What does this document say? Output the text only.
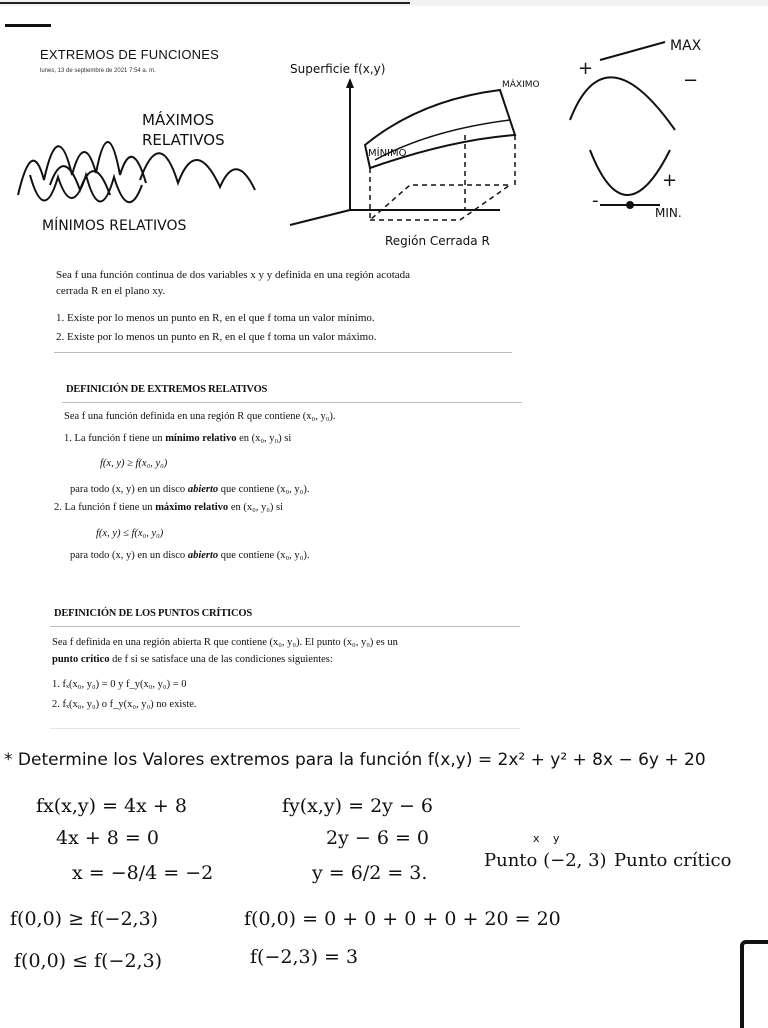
EXTREMOS DE FUNCIONES
lunes, 13 de septiembre de 2021 7:54 a. m.
MÁXIMOS RELATIVOS
MÍNIMOS RELATIVOS
Superficie f(x,y)
MÁXIMO
MÍNIMO
Región Cerrada R
MAX
+
−
+
-
MIN.
Sea f una función continua de dos variables x y y definida en una región acotada
cerrada R en el plano xy.
1. Existe por lo menos un punto en R, en el que f toma un valor mínimo.
2. Existe por lo menos un punto en R, en el que f toma un valor máximo.
DEFINICIÓN DE EXTREMOS RELATIVOS
Sea f una función definida en una región R que contiene (x₀, y₀).
1. La función f tiene un mínimo relativo en (x₀, y₀) si
f(x, y) ≥ f(x₀, y₀)
para todo (x, y) en un disco abierto que contiene (x₀, y₀).
2. La función f tiene un máximo relativo en (x₀, y₀) si
f(x, y) ≤ f(x₀, y₀)
para todo (x, y) en un disco abierto que contiene (x₀, y₀).
DEFINICIÓN DE LOS PUNTOS CRÍTICOS
Sea f definida en una región abierta R que contiene (x₀, y₀). El punto (x₀, y₀) es un
punto crítico de f si se satisface una de las condiciones siguientes:
1. fₓ(x₀, y₀) = 0 y f_y(x₀, y₀) = 0
2. fₓ(x₀, y₀) o f_y(x₀, y₀) no existe.
* Determine los Valores extremos para la función f(x,y) = 2x² + y² + 8x − 6y + 20
fx(x,y) = 4x + 8
4x + 8 = 0
x = −8/4 = −2
fy(x,y) = 2y − 6
2y − 6 = 0
y = 6/2 = 3.
x y
Punto (−2, 3) Punto crítico
f(0,0) ≥ f(−2,3)
f(0,0) ≤ f(−2,3)
f(0,0) = 0 + 0 + 0 + 0 + 20 = 20
f(−2,3) = 3
